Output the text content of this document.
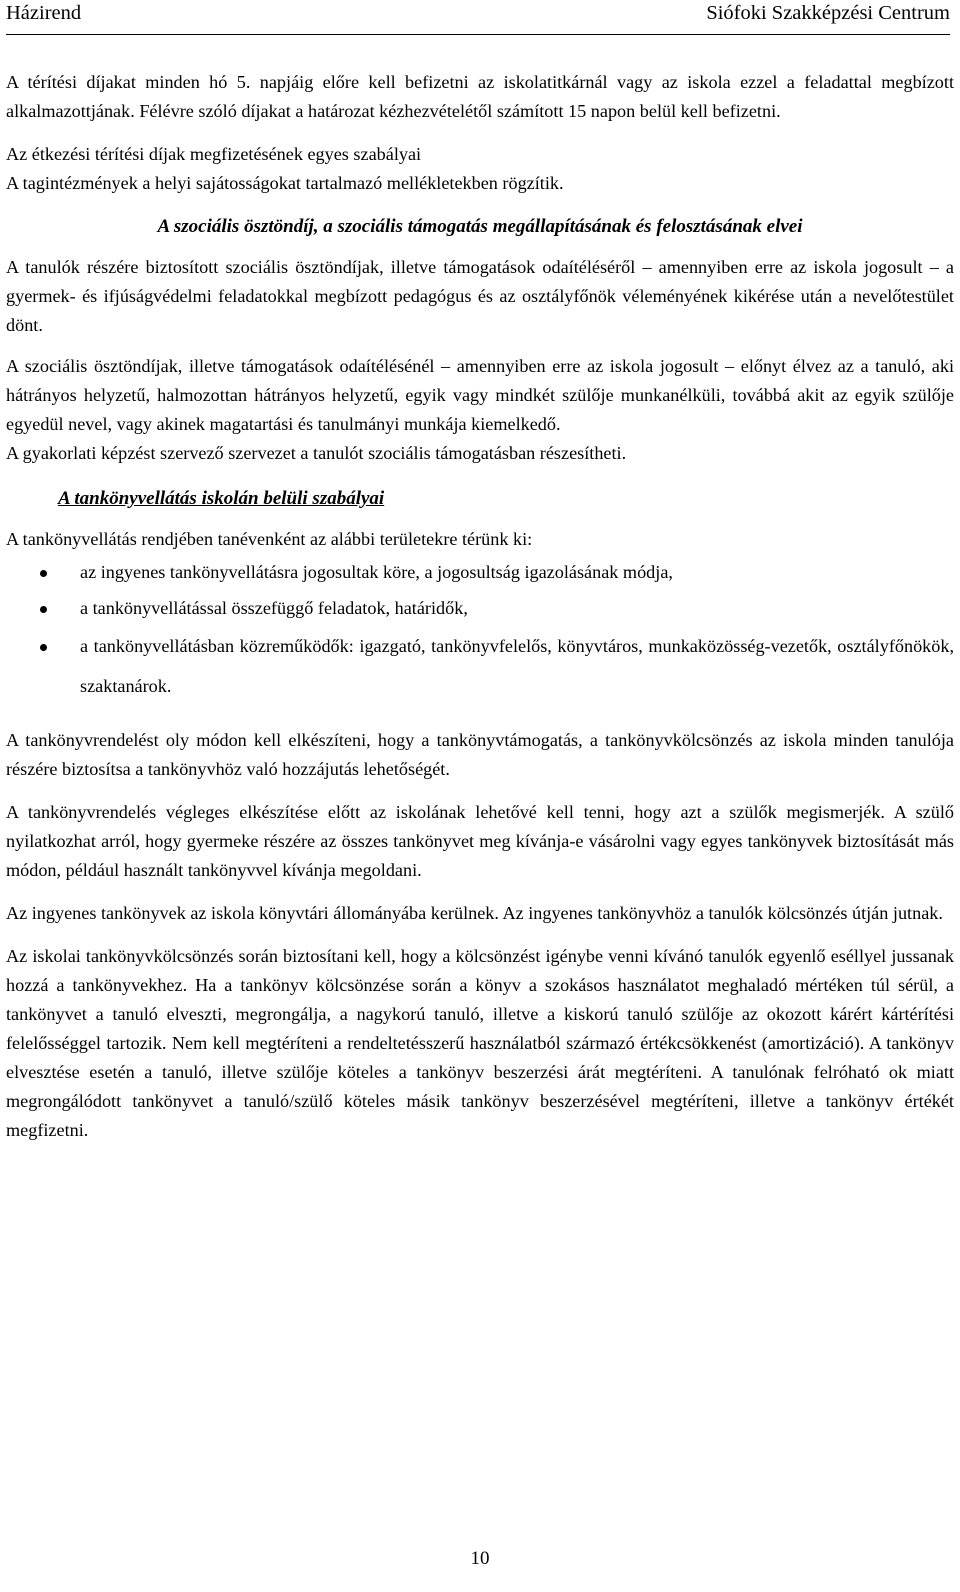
Házirend	Siófoki Szakképzési Centrum

A térítési díjakat minden hó 5. napjáig előre kell befizetni az iskolatitkárnál vagy az iskola ezzel a feladattal megbízott alkalmazottjának. Félévre szóló díjakat a határozat kézhezvételétől számított 15 napon belül kell befizetni.

Az étkezési térítési díjak megfizetésének egyes szabályai

A tagintézmények a helyi sajátosságokat tartalmazó mellékletekben rögzítik.

A szociális ösztöndíj, a szociális támogatás megállapításának és felosztásának elvei

A tanulók részére biztosított szociális ösztöndíjak, illetve támogatások odaítéléséről – amennyiben erre az iskola jogosult – a gyermek- és ifjúságvédelmi feladatokkal megbízott pedagógus és az osztályfőnök véleményének kikérése után a nevelőtestület dönt.

A szociális ösztöndíjak, illetve támogatások odaítélésénél – amennyiben erre az iskola jogosult – előnyt élvez az a tanuló, aki hátrányos helyzetű, halmozottan hátrányos helyzetű, egyik vagy mindkét szülője munkanélküli, továbbá akit az egyik szülője egyedül nevel, vagy akinek magatartási és tanulmányi munkája kiemelkedő.

A gyakorlati képzést szervező szervezet a tanulót szociális támogatásban részesítheti.

A tankönyvellátás iskolán belüli szabályai

A tankönyvellátás rendjében tanévenként az alábbi területekre térünk ki:

az ingyenes tankönyvellátásra jogosultak köre, a jogosultság igazolásának módja,
a tankönyvellátással összefüggő feladatok, határidők,
a tankönyvellátásban közreműködők: igazgató, tankönyvfelelős, könyvtáros, munkaközösség-vezetők, osztályfőnökök, szaktanárok.

A tankönyvrendelést oly módon kell elkészíteni, hogy a tankönyvtámogatás, a tankönyvkölcsönzés az iskola minden tanulója részére biztosítsa a tankönyvhöz való hozzájutás lehetőségét.

A tankönyvrendelés végleges elkészítése előtt az iskolának lehetővé kell tenni, hogy azt a szülők megismerjék. A szülő nyilatkozhat arról, hogy gyermeke részére az összes tankönyvet meg kívánja-e vásárolni vagy egyes tankönyvek biztosítását más módon, például használt tankönyvvel kívánja megoldani.

Az ingyenes tankönyvek az iskola könyvtári állományába kerülnek. Az ingyenes tankönyvhöz a tanulók kölcsönzés útján jutnak.

Az iskolai tankönyvkölcsönzés során biztosítani kell, hogy a kölcsönzést igénybe venni kívánó tanulók egyenlő eséllyel jussanak hozzá a tankönyvekhez. Ha a tankönyv kölcsönzése során a könyv a szokásos használatot meghaladó mértéken túl sérül, a tankönyvet a tanuló elveszti, megrongálja, a nagykorú tanuló, illetve a kiskorú tanuló szülője az okozott kárért kártérítési felelősséggel tartozik. Nem kell megtéríteni a rendeltetésszerű használatból származó értékcsökkenést (amortizáció). A tankönyv elvesztése esetén a tanuló, illetve szülője köteles a tankönyv beszerzési árát megtéríteni. A tanulónak felróható ok miatt megrongálódott tankönyvet a tanuló/szülő köteles másik tankönyv beszerzésével megtéríteni, illetve a tankönyv értékét megfizetni.

10
